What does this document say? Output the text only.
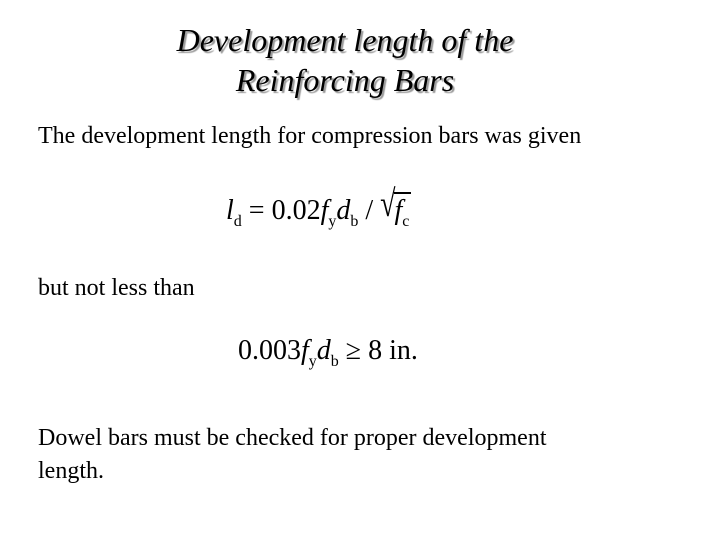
Development length of the
Reinforcing Bars
The development length for compression bars was given
$l_d = 0.02f_yd_b / √f_c$
but not less than
$0.003f_yd_b \ge 8$ in.
Dowel bars must be checked for proper development
length.
